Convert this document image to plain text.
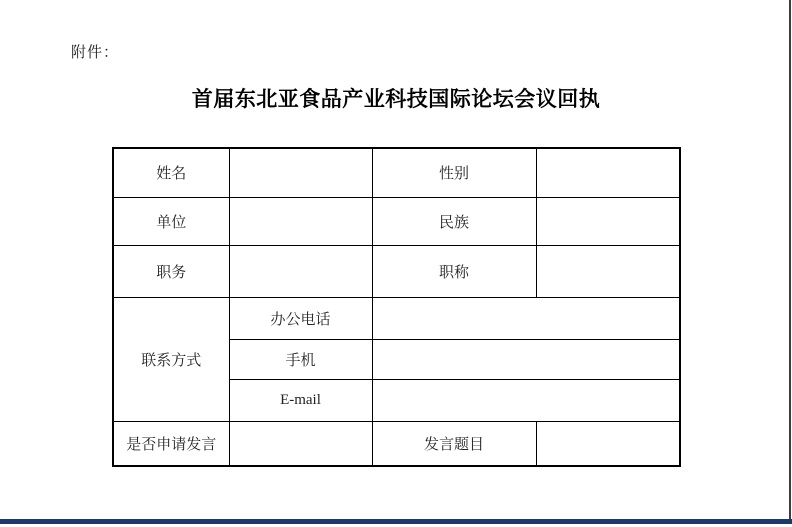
附件：
首届东北亚食品产业科技国际论坛会议回执
姓名		性别	
单位		民族	
职务		职称	
联系方式	办公电话		
	手机		
	E-mail		
是否申请发言		发言题目	
